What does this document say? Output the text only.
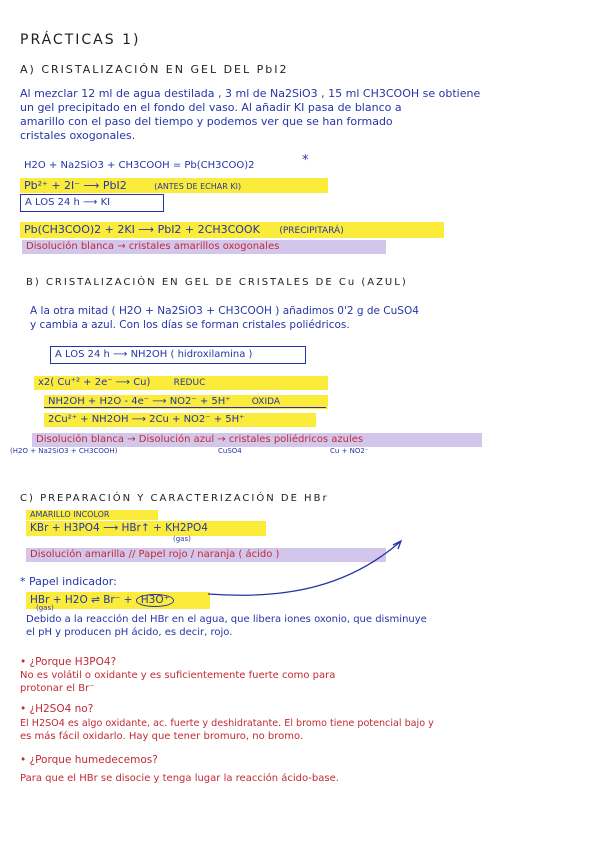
PRÁCTICAS 1)
A) CRISTALIZACIÓN EN GEL DEL PbI2
Al mezclar 12 ml de agua destilada , 3 ml de Na2SiO3 , 15 ml CH3COOH se obtiene
un gel precipitado en el fondo del vaso. Al añadir KI pasa de blanco a
amarillo con el paso del tiempo y podemos ver que se han formado
cristales oxogonales.
H2O + Na2SiO3 + CH3COOH = Pb(CH3COO)2	*
Pb²⁺ + 2I⁻ ⟶ PbI2	(ANTES DE ECHAR KI)
A LOS 24 h ⟶ KI
Pb(CH3COO)2 + 2KI ⟶ PbI2 + 2CH3COOK (PRECIPITARÁ)
Disolución blanca → cristales amarillos oxogonales
B) CRISTALIZACIÓN EN GEL DE CRISTALES DE Cu (AZUL)
A la otra mitad ( H2O + Na2SiO3 + CH3COOH ) añadimos 0'2 g de CuSO4
y cambia a azul. Con los días se forman cristales poliédricos.
A LOS 24 h ⟶ NH2OH ( hidroxilamina )
x2( Cu⁺² + 2e⁻ ⟶ Cu)	REDUC
NH2OH + H2O - 4e⁻ ⟶ NO2⁻ + 5H⁺ OXIDA
2Cu²⁺ + NH2OH ⟶ 2Cu + NO2⁻ + 5H⁺
Disolución blanca → Disolución azul → cristales poliédricos azules
(H2O + Na2SiO3 + CH3COOH)	CuSO4	Cu + NO2⁻
C) PREPARACIÓN Y CARACTERIZACIÓN DE HBr
AMARILLO INCOLOR
KBr + H3PO4 ⟶ HBr↑ + KH2PO4
(gas)
Disolución amarilla // Papel rojo / naranja ( ácido )
* Papel indicador:
HBr + H2O ⇌ Br⁻ + H3O⁺
(gas)
Debido a la reacción del HBr en el agua, que libera iones oxonio, que disminuye
el pH y producen pH ácido, es decir, rojo.
• ¿Porque H3PO4?
No es volátil o oxidante y es suficientemente fuerte como para
protonar el Br⁻
• ¿H2SO4 no?
El H2SO4 es algo oxidante, ac. fuerte y deshidratante. El bromo tiene potencial bajo y
es más fácil oxidarlo. Hay que tener bromuro, no bromo.
• ¿Porque humedecemos?
Para que el HBr se disocie y tenga lugar la reacción ácido-base.
